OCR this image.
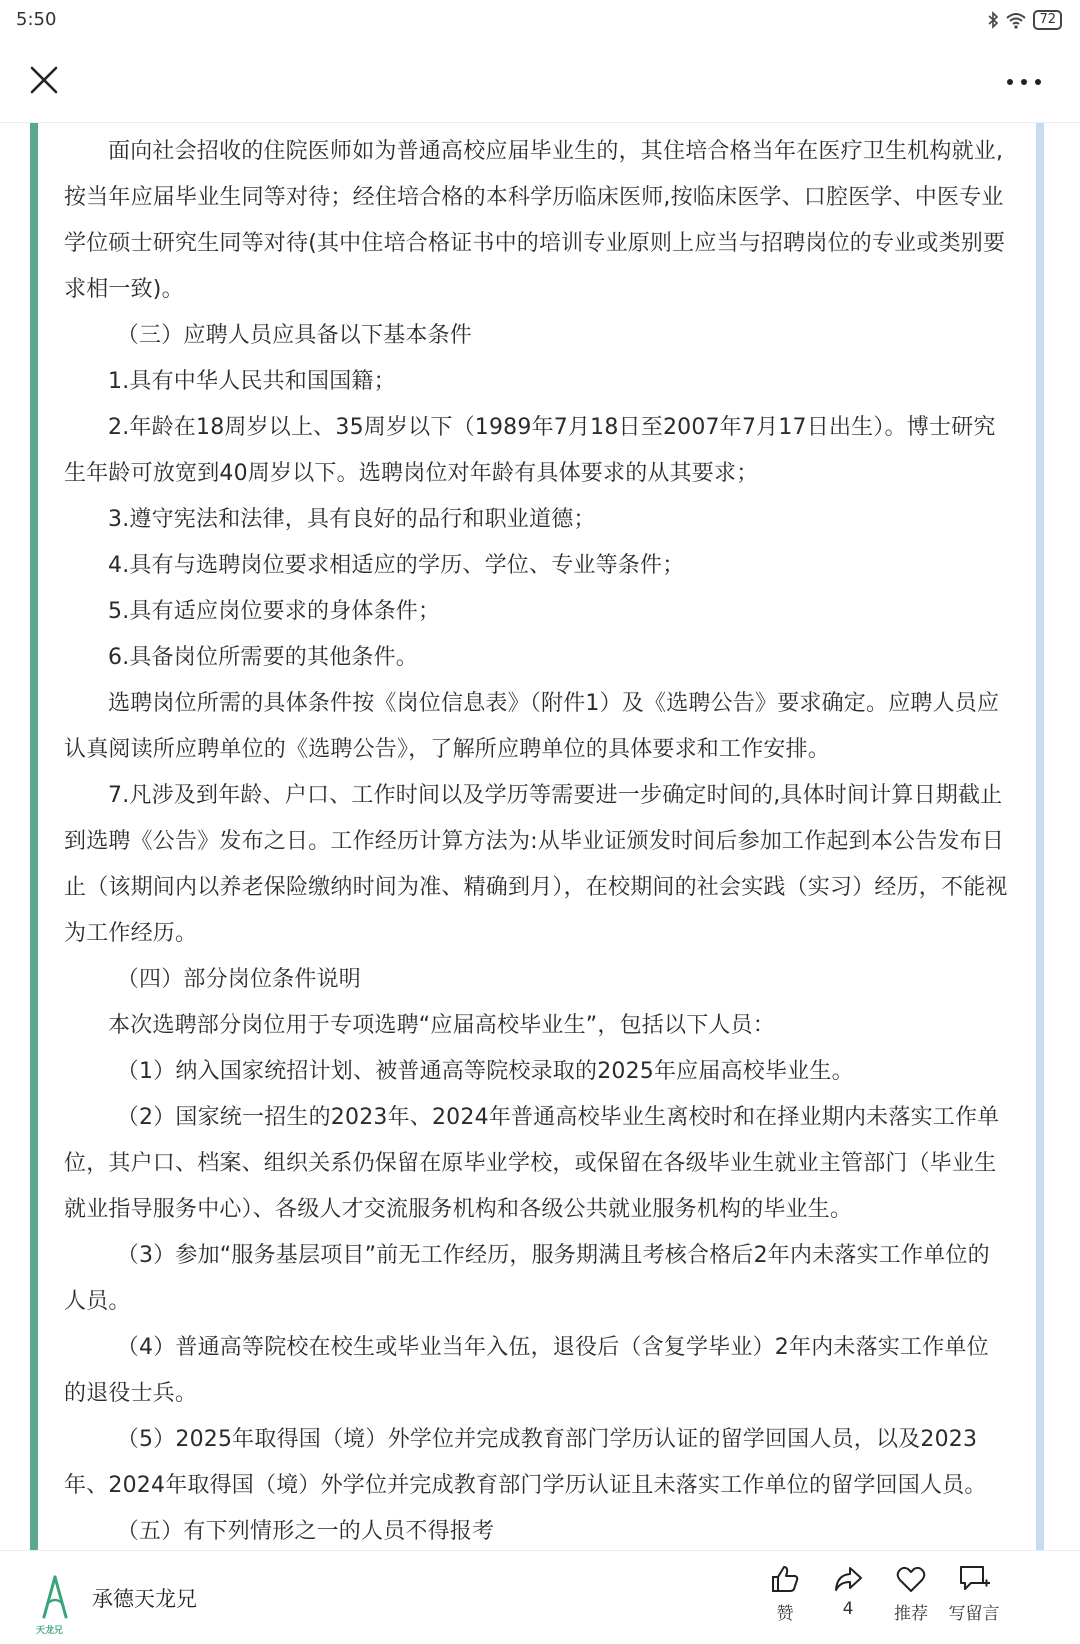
5:50	72

面向社会招收的住院医师如为普通高校应届毕业生的，其住培合格当年在医疗卫生机构就业,按当年应届毕业生同等对待；经住培合格的本科学历临床医师,按临床医学、口腔医学、中医专业学位硕士研究生同等对待(其中住培合格证书中的培训专业原则上应当与招聘岗位的专业或类别要求相一致)。

（三）应聘人员应具备以下基本条件

1.具有中华人民共和国国籍；

2.年龄在18周岁以上、35周岁以下（1989年7月18日至2007年7月17日出生）。博士研究生年龄可放宽到40周岁以下。选聘岗位对年龄有具体要求的从其要求；

3.遵守宪法和法律，具有良好的品行和职业道德；

4.具有与选聘岗位要求相适应的学历、学位、专业等条件；

5.具有适应岗位要求的身体条件；

6.具备岗位所需要的其他条件。

选聘岗位所需的具体条件按《岗位信息表》（附件1）及《选聘公告》要求确定。应聘人员应认真阅读所应聘单位的《选聘公告》，了解所应聘单位的具体要求和工作安排。

7.凡涉及到年龄、户口、工作时间以及学历等需要进一步确定时间的,具体时间计算日期截止到选聘《公告》发布之日。工作经历计算方法为:从毕业证颁发时间后参加工作起到本公告发布日止（该期间内以养老保险缴纳时间为准、精确到月），在校期间的社会实践（实习）经历，不能视为工作经历。

（四）部分岗位条件说明

本次选聘部分岗位用于专项选聘“应届高校毕业生”，包括以下人员：

（1）纳入国家统招计划、被普通高等院校录取的2025年应届高校毕业生。

（2）国家统一招生的2023年、2024年普通高校毕业生离校时和在择业期内未落实工作单位，其户口、档案、组织关系仍保留在原毕业学校，或保留在各级毕业生就业主管部门（毕业生就业指导服务中心）、各级人才交流服务机构和各级公共就业服务机构的毕业生。

（3）参加“服务基层项目”前无工作经历，服务期满且考核合格后2年内未落实工作单位的人员。

（4）普通高等院校在校生或毕业当年入伍，退役后（含复学毕业）2年内未落实工作单位的退役士兵。

（5）2025年取得国（境）外学位并完成教育部门学历认证的留学回国人员，以及2023年、2024年取得国（境）外学位并完成教育部门学历认证且未落实工作单位的留学回国人员。

（五）有下列情形之一的人员不得报考

天龙兄
承德天龙兄
赞	4	推荐	写留言
